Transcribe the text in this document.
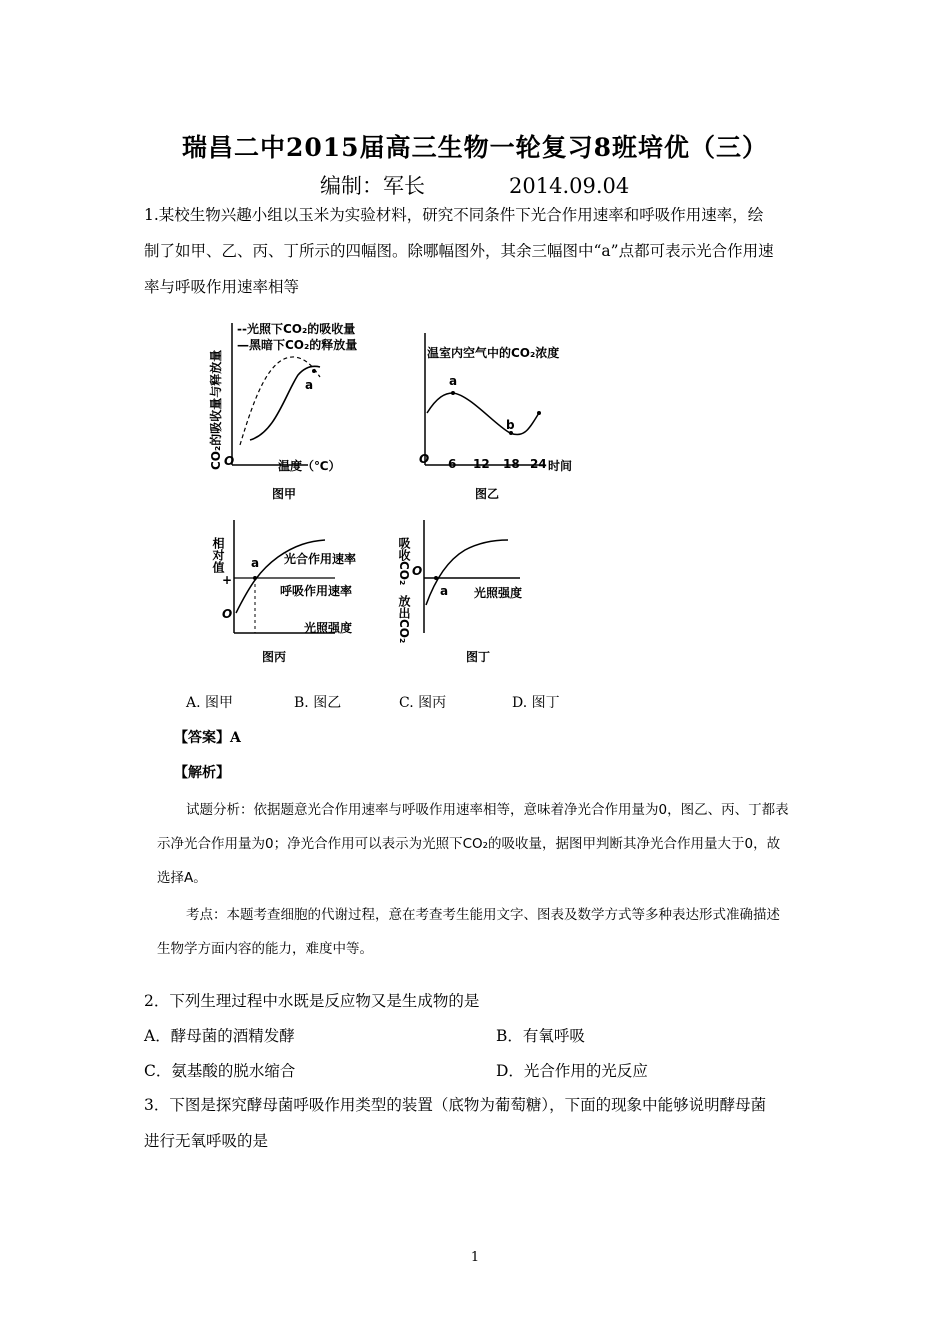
瑞昌二中2015届高三生物一轮复习8班培优（三）
编制：军长　　　　	2014.09.04
1.某校生物兴趣小组以玉米为实验材料，研究不同条件下光合作用速率和呼吸作用速率，绘
制了如甲、乙、丙、丁所示的四幅图。除哪幅图外，其余三幅图中“a”点都可表示光合作用速
率与呼吸作用速率相等
a
O
CO₂的吸收量与释放量	温度（℃）
--光照下CO₂的吸收量
—黑暗下CO₂的释放量
图甲
a
b
温室内空气中的CO₂浓度
O 6 12 18 24 时间
图乙
a
相对值
+
O
光合作用速率
呼吸作用速率
光照强度
图丙
a
吸收CO₂
放出CO₂
O
光照强度
图丁
A. 图甲	B. 图乙	C. 图丙	D. 图丁
【答案】A
【解析】
试题分析：依据题意光合作用速率与呼吸作用速率相等，意味着净光合作用量为0，图乙、丙、丁都表
示净光合作用量为0；净光合作用可以表示为光照下CO₂的吸收量，据图甲判断其净光合作用量大于0，故
选择A。
考点：本题考查细胞的代谢过程，意在考查考生能用文字、图表及数学方式等多种表达形式准确描述
生物学方面内容的能力，难度中等。
2．下列生理过程中水既是反应物又是生成物的是
A．酵母菌的酒精发酵	B．有氧呼吸
C．氨基酸的脱水缩合	D．光合作用的光反应
3．下图是探究酵母菌呼吸作用类型的装置（底物为葡萄糖），下面的现象中能够说明酵母菌
进行无氧呼吸的是
1
